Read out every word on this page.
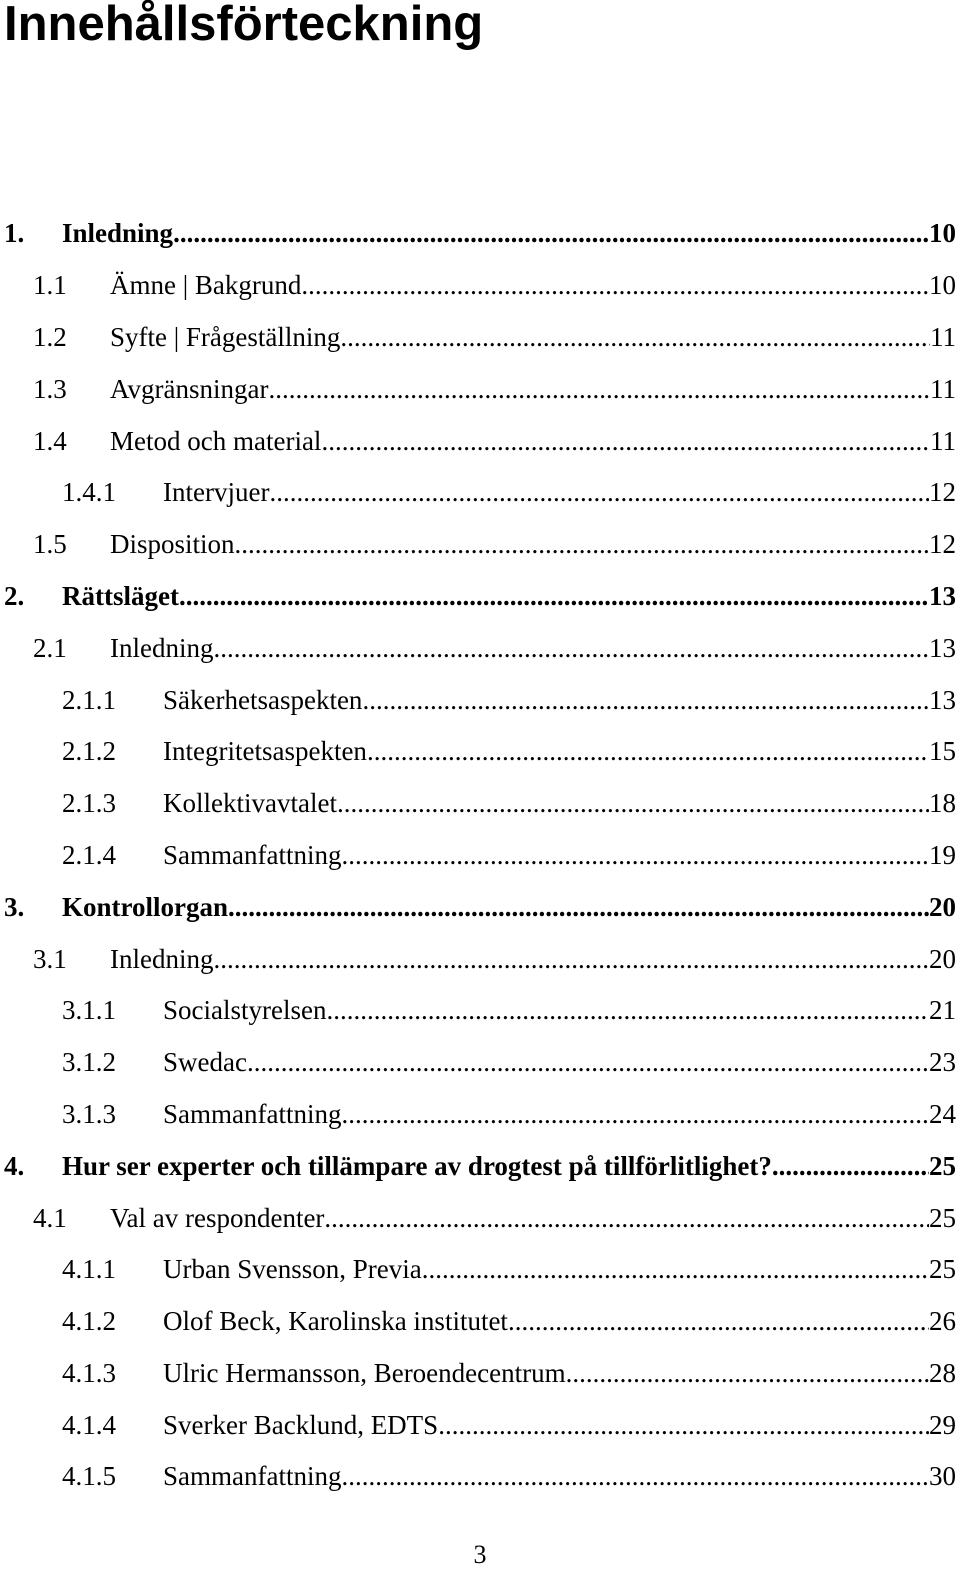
Innehållsförteckning
1.	Inledning .....	10
1.1	Ämne | Bakgrund .....	10
1.2	Syfte | Frågeställning .....	11
1.3	Avgränsningar .....	11
1.4	Metod och material .....	11
1.4.1	Intervjuer .....	12
1.5	Disposition .....	12
2.	Rättsläget .....	13
2.1	Inledning .....	13
2.1.1	Säkerhetsaspekten .....	13
2.1.2	Integritetsaspekten .....	15
2.1.3	Kollektivavtalet .....	18
2.1.4	Sammanfattning .....	19
3.	Kontrollorgan .....	20
3.1	Inledning .....	20
3.1.1	Socialstyrelsen .....	21
3.1.2	Swedac .....	23
3.1.3	Sammanfattning .....	24
4.	Hur ser experter och tillämpare av drogtest på tillförlitlighet? .....	25
4.1	Val av respondenter .....	25
4.1.1	Urban Svensson, Previa .....	25
4.1.2	Olof Beck, Karolinska institutet .....	26
4.1.3	Ulric Hermansson, Beroendecentrum .....	28
4.1.4	Sverker Backlund, EDTS .....	29
4.1.5	Sammanfattning .....	30
3
